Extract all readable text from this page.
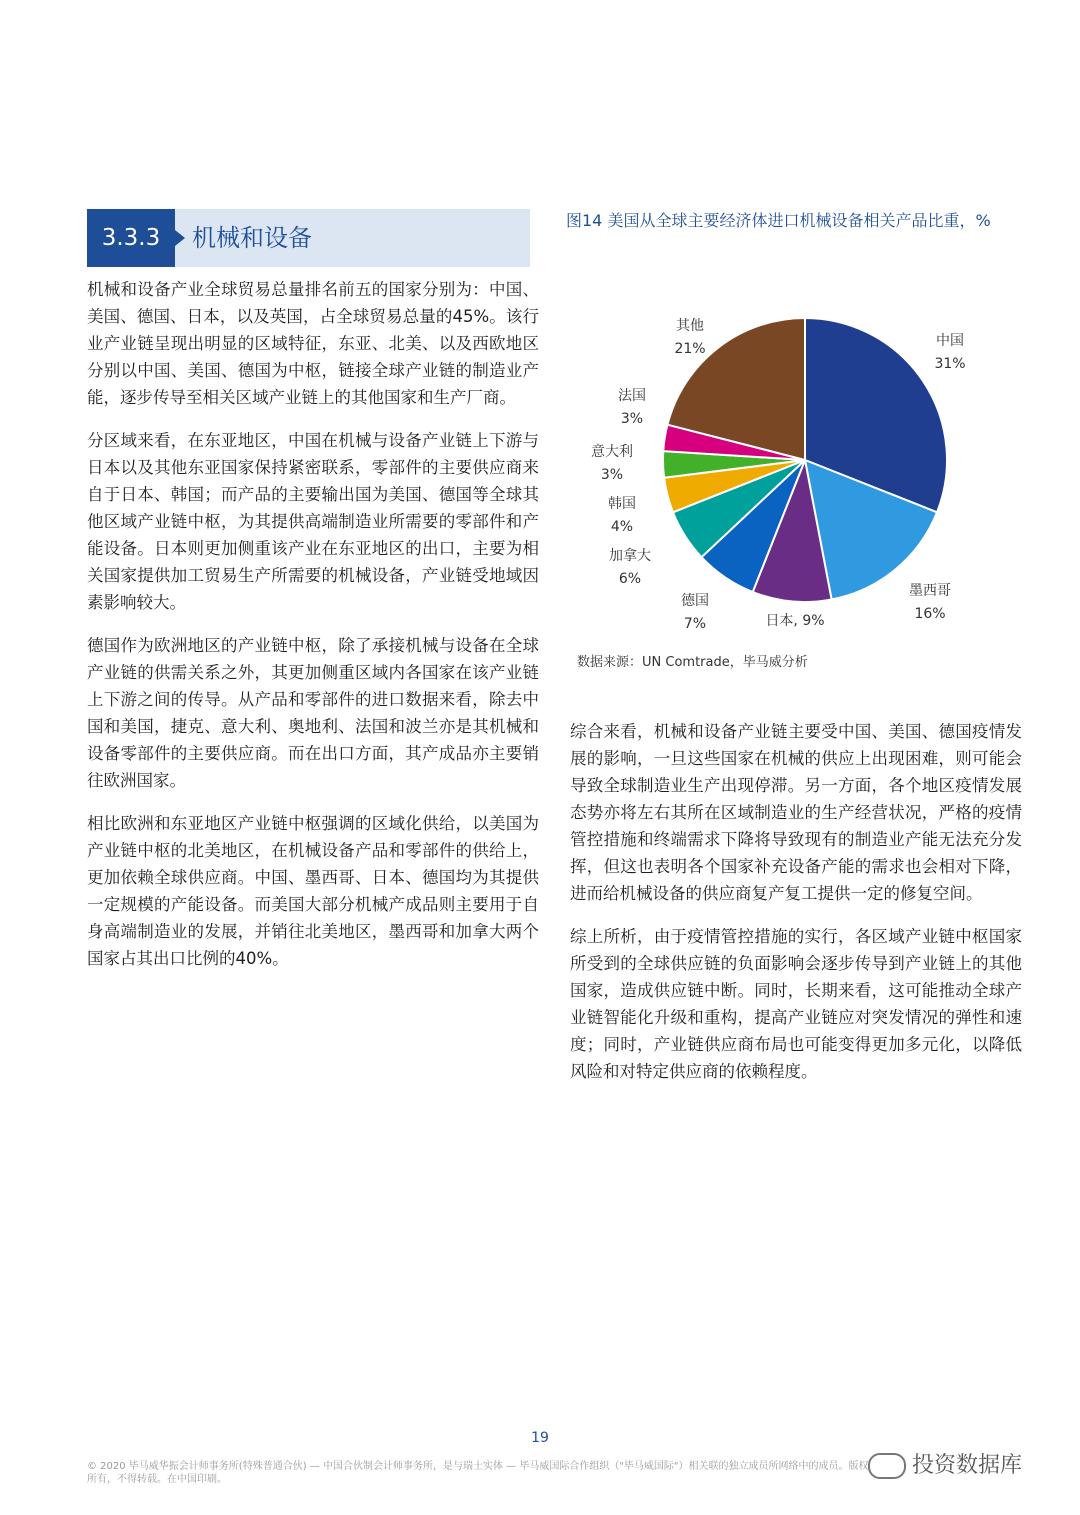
3.3.3	机械和设备

机械和设备产业全球贸易总量排名前五的国家分别为：中国、美国、德国、日本，以及英国，占全球贸易总量的45%。该行业产业链呈现出明显的区域特征，东亚、北美、以及西欧地区分别以中国、美国、德国为中枢，链接全球产业链的制造业产能，逐步传导至相关区域产业链上的其他国家和生产厂商。

分区域来看，在东亚地区，中国在机械与设备产业链上下游与日本以及其他东亚国家保持紧密联系，零部件的主要供应商来自于日本、韩国；而产品的主要输出国为美国、德国等全球其他区域产业链中枢，为其提供高端制造业所需要的零部件和产能设备。日本则更加侧重该产业在东亚地区的出口，主要为相关国家提供加工贸易生产所需要的机械设备，产业链受地域因素影响较大。

德国作为欧洲地区的产业链中枢，除了承接机械与设备在全球产业链的供需关系之外，其更加侧重区域内各国家在该产业链上下游之间的传导。从产品和零部件的进口数据来看，除去中国和美国，捷克、意大利、奥地利、法国和波兰亦是其机械和设备零部件的主要供应商。而在出口方面，其产成品亦主要销往欧洲国家。

相比欧洲和东亚地区产业链中枢强调的区域化供给，以美国为产业链中枢的北美地区，在机械设备产品和零部件的供给上，更加依赖全球供应商。中国、墨西哥、日本、德国均为其提供一定规模的产能设备。而美国大部分机械产成品则主要用于自身高端制造业的发展，并销往北美地区，墨西哥和加拿大两个国家占其出口比例的40%。

图14 美国从全球主要经济体进口机械设备相关产品比重，%
中国
31%
墨西哥
16%
日本, 9%
德国
7%
加拿大
6%
韩国
4%
意大利
3%
法国
3%
其他
21%
数据来源：UN Comtrade，毕马威分析

综合来看，机械和设备产业链主要受中国、美国、德国疫情发展的影响，一旦这些国家在机械的供应上出现困难，则可能会导致全球制造业生产出现停滞。另一方面，各个地区疫情发展态势亦将左右其所在区域制造业的生产经营状况，严格的疫情管控措施和终端需求下降将导致现有的制造业产能无法充分发挥，但这也表明各个国家补充设备产能的需求也会相对下降，进而给机械设备的供应商复产复工提供一定的修复空间。

综上所析，由于疫情管控措施的实行，各区域产业链中枢国家所受到的全球供应链的负面影响会逐步传导到产业链上的其他国家，造成供应链中断。同时，长期来看，这可能推动全球产业链智能化升级和重构，提高产业链应对突发情况的弹性和速度；同时，产业链供应商布局也可能变得更加多元化，以降低风险和对特定供应商的依赖程度。

19
© 2020 毕马威华振会计师事务所(特殊普通合伙) — 中国合伙制会计师事务所，是与瑞士实体 — 毕马威国际合作组织（"毕马威国际"）相关联的独立成员所网络中的成员。版权所有，不得转载。在中国印刷。
投资数据库
